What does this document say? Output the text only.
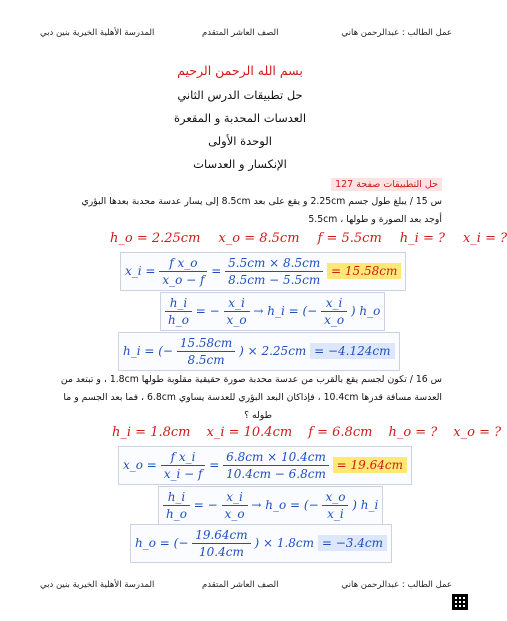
عمل الطالب : عبدالرحمن هاني
الصف العاشر المتقدم
المدرسة الأهلية الخيرية بنين دبي
بسم الله الرحمن الرحيم
حل تطبيقات الدرس الثاني
العدسات المحدبة و المقعرة
الوحدة الأولى
الإنكسار و العدسات
حل التطبيقات صفحة 127
س 15 / يبلغ طول جسم 2.25cm و يقع على بعد 8.5cm إلى يسار عدسة محدبة بعدها البؤري
5.5cm ، أوجد بعد الصورة و طولها
h_o = 2.25cm x_o = 8.5cm f = 5.5cm h_i = ? x_i = ?
x_i = $\frac{\text{f x\_o}}{x\_o - f} = \frac{5.5cm \times 8.5cm}{8.5cm - 5.5cm} = 15.58cm$
$\frac{h\_i}{h\_o}$ = − $\frac{x\_i}{x\_o}$ → h_i = (− $\frac{x\_i}{x\_o}$ ) h_o
h_i = (− $\frac{15.58cm}{8.5cm}$ ) × 2.25cm = −4.124cm
س 16 / تكون لجسم يقع بالقرب من عدسة محدبة صورة حقيقية مقلوبة طولها 1.8cm ، و تبتعد من
العدسة مسافة قدرها 10.4cm ، فإذاكان البعد البؤري للعدسة يساوي 6.8cm ، فما بعد الجسم و ما
طوله ؟
h_i = 1.8cm x_i = 10.4cm f = 6.8cm h_o = ? x_o = ?
x_o = $\frac{\text{f x\_i}}{x\_i - f} = \frac{6.8cm \times 10.4cm}{10.4cm - 6.8cm} = 19.64cm$
$\frac{h\_i}{h\_o}$ = − $\frac{x\_i}{x\_o}$ → h_o = (− $\frac{x\_o}{x\_i}$ ) h_i
h_o = (− $\frac{19.64cm}{10.4cm}$ ) × 1.8cm = −3.4cm
عمل الطالب : عبدالرحمن هاني
الصف العاشر المتقدم
المدرسة الأهلية الخيرية بنين دبي
